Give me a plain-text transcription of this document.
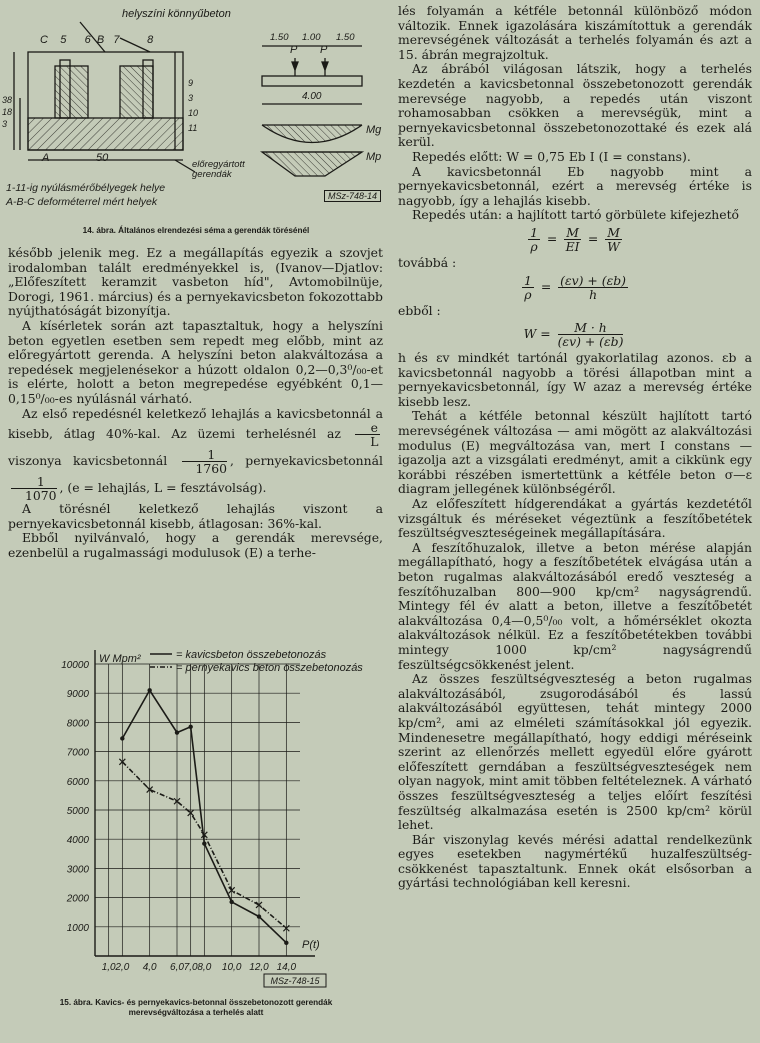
helyszíni könnyűbeton
C 5 6 B 7	8
38
18
3
9
3
10
11
A	50
előregyártott gerendák
1-11-ig nyúlásmérőbélyegek helye
A-B-C deforméterrel mért helyek
P P
1.50 1.00 1.50
4.00
Mg
Mp
MSz-748-14
14. ábra. Általános elrendezési séma a gerendák törésénél

később jelenik meg. Ez a megállapítás egyezik a szovjet irodalomban talált eredményekkel is, (Ivanov—Djatlov: „Előfeszített keramzit vasbeton híd", Avtomobilnüje, Dorogi, 1961. március) és a pernyekavicsbeton fokozottabb nyújthatóságát bizonyítja.

A kísérletek során azt tapasztaltuk, hogy a helyszíni beton egyetlen esetben sem repedt meg előbb, mint az előregyártott gerenda. A helyszíni beton alakváltozása a repedések megjelenésekor a húzott oldalon 0,2—0,3⁰/₀₀-et is elérte, holott a beton megrepedése egyébként 0,1—0,15⁰/₀₀-es nyúlásnál várható.

Az első repedésnél keletkező lehajlás a kavicsbetonnál a kisebb, átlag 40%-kal. Az üzemi terhelésnél az $\frac{e}{L}$
viszonya kavicsbetonnál $\frac{1}{1760}$ , pernyekavicsbetonnál
$\frac{1}{1070}$ , (e = lehajlás, L = fesztávolság).

A törésnél keletkező lehajlás viszont a pernyekavicsbetonnál kisebb, átlagosan: 36%-kal.

Ebből nyilvánvaló, hogy a gerendák merevsége, ezenbelül a rugalmassági modulusok (E) a terhe-

1000
2000
3000
4000
5000
6000
7000
8000
9000
10000
1,0 2,0 4,0 6,0 7,0 8,0 10,0 12,0 14,0
W Mpm²
P(t)
= kavicsbeton összebetonozás
= pernyekavics beton összebetonozás
MSz-748-15
15. ábra. Kavics- és pernyekavics-betonnal összebetonozott gerendák
merevségváltozása a terhelés alatt

lés folyamán a kétféle betonnál különböző módon változik. Ennek igazolására kiszámítottuk a gerendák merevségének változását a terhelés folyamán és azt a 15. ábrán megrajzoltuk.

Az ábrából világosan látszik, hogy a terhelés kezdetén a kavicsbetonnal összebetonozott gerendák merevsége nagyobb, a repedés után viszont rohamosabban csökken a merevségük, mint a pernyekavicsbetonnal összebetonozottaké és ezek alá kerül.

Repedés előtt: W = 0,75 Eb I (I = constans).

A kavicsbetonnál Eb nagyobb mint a pernyekavicsbetonnál, ezért a merevség értéke is nagyobb, így a lehajlás kisebb.

Repedés után: a hajlított tartó görbülete kifejezhető

$\frac{1}{\rho} = \frac{M}{EI} = \frac{M}{W}$

továbbá :

$\frac{1}{\rho} = \frac{(\varepsilon v) + (\varepsilon b)}{h}$

ebből :

$W = \frac{M \cdot h}{(\varepsilon v) + (\varepsilon b)}$

h és εv mindkét tartónál gyakorlatilag azonos. εb a kavicsbetonnál nagyobb a törési állapotban mint a pernyekavicsbetonnál, így W azaz a merevség értéke kisebb lesz.

Tehát a kétféle betonnal készült hajlított tartó merevségének változása — ami mögött az alakváltozási modulus (E) megváltozása van, mert I constans — igazolja azt a vizsgálati eredményt, amit a cikkünk egy korábbi részében ismertettünk a kétféle beton σ—ε diagram jellegének különbségéről.

Az előfeszített hídgerendákat a gyártás kezdetétől vizsgáltuk és méréseket végeztünk a feszítőbetétek feszültségveszteségeinek megállapítására.

A feszítőhuzalok, illetve a beton mérése alapján megállapítható, hogy a feszítőbetétek elvágása után a beton rugalmas alakváltozásából eredő veszteség a feszítőhuzalban 800—900 kp/cm² nagyságrendű. Mintegy fél év alatt a beton, illetve a feszítőbetét alakváltozása 0,4—0,5⁰/₀₀ volt, a hőmérséklet okozta alakváltozások nélkül. Ez a feszítőbetétekben további mintegy 1000 kp/cm² nagyságrendű feszültségcsökkenést jelent.

Az összes feszültségveszteség a beton rugalmas alakváltozásából, zsugorodásából és lassú alakváltozásából együttesen, tehát mintegy 2000 kp/cm², ami az elméleti számításokkal jól egyezik. Mindenesetre megállapítható, hogy eddigi méréseink szerint az ellenőrzés mellett egyedül előre gyárott előfeszített gerndában a feszültségveszteségek nem olyan nagyok, mint amit többen feltételeznek. A várható összes feszültségveszteség a teljes előírt feszítési feszültség alkalmazása esetén is 2500 kp/cm² körül lehet.

Bár viszonylag kevés mérési adattal rendelkezünk egyes esetekben nagymértékű huzalfeszültség-csökkenést tapasztaltunk. Ennek okát elsősorban a gyártási technológiában kell keresni.
